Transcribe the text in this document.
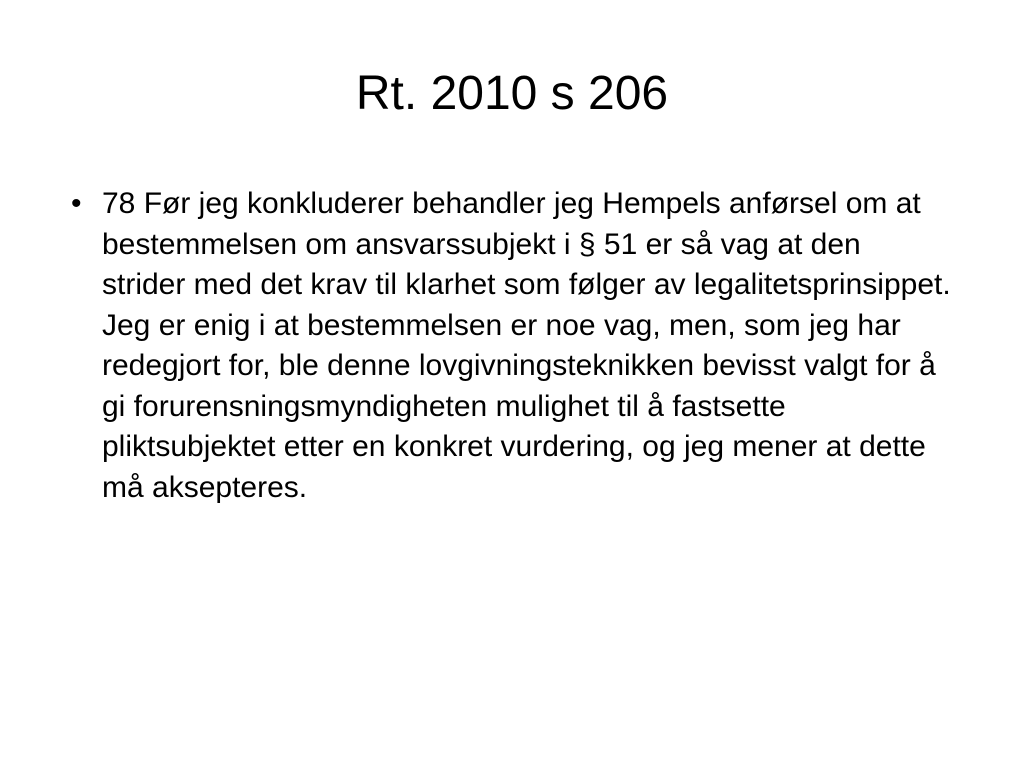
Rt. 2010 s 206
• 78 Før jeg konkluderer behandler jeg Hempels anførsel om at bestemmelsen om ansvarssubjekt i § 51 er så vag at den strider med det krav til klarhet som følger av legalitetsprinsippet. Jeg er enig i at bestemmelsen er noe vag, men, som jeg har redegjort for, ble denne lovgivningsteknikken bevisst valgt for å gi forurensningsmyndigheten mulighet til å fastsette pliktsubjektet etter en konkret vurdering, og jeg mener at dette må aksepteres.
